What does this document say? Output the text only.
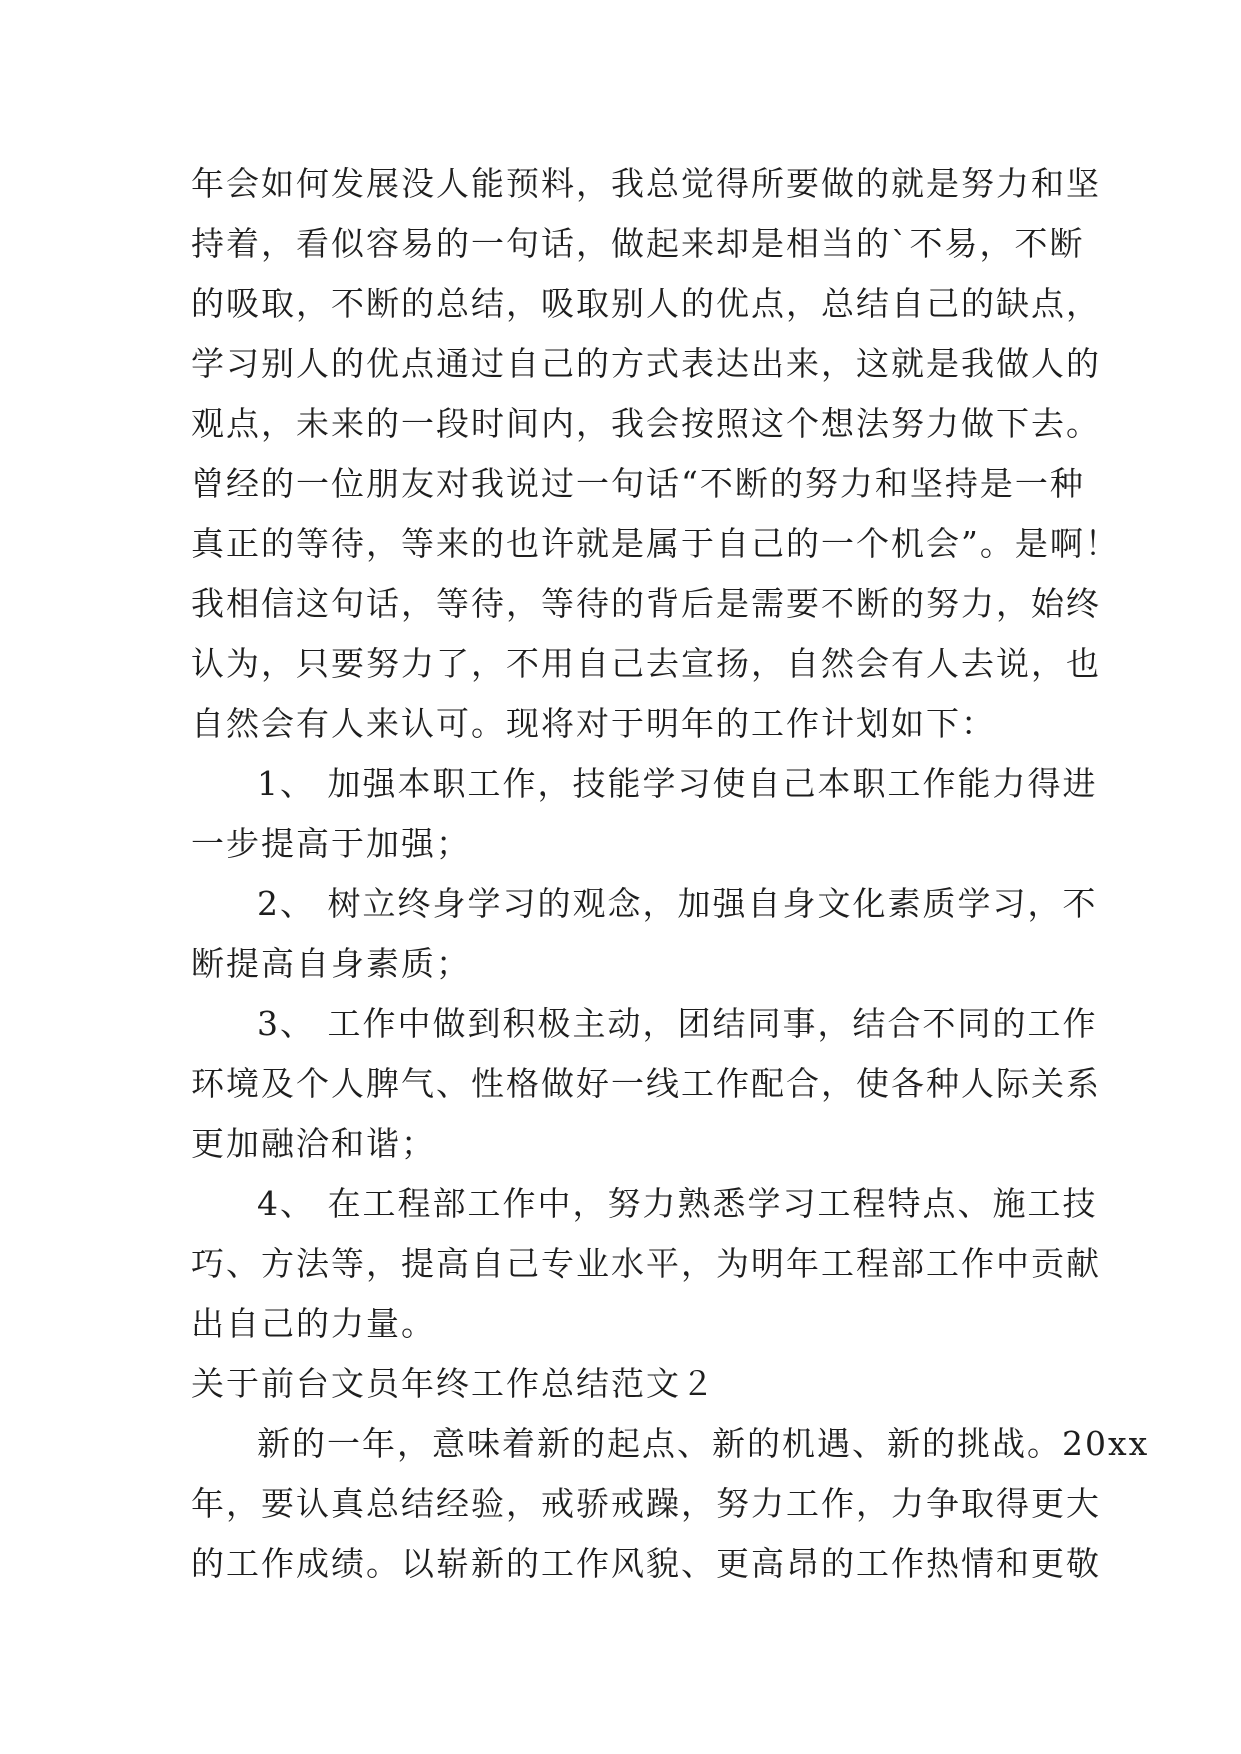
年会如何发展没人能预料，我总觉得所要做的就是努力和坚
持着，看似容易的一句话，做起来却是相当的`不易，不断
的吸取，不断的总结，吸取别人的优点，总结自己的缺点，
学习别人的优点通过自己的方式表达出来，这就是我做人的
观点，未来的一段时间内，我会按照这个想法努力做下去。
曾经的一位朋友对我说过一句话“不断的努力和坚持是一种
真正的等待，等来的也许就是属于自己的一个机会”。是啊！
我相信这句话，等待，等待的背后是需要不断的努力，始终
认为，只要努力了，不用自己去宣扬，自然会有人去说，也
自然会有人来认可。现将对于明年的工作计划如下：
1、 加强本职工作，技能学习使自己本职工作能力得进
一步提高于加强；
2、 树立终身学习的观念，加强自身文化素质学习，不
断提高自身素质；
3、 工作中做到积极主动，团结同事，结合不同的工作
环境及个人脾气、性格做好一线工作配合，使各种人际关系
更加融洽和谐；
4、 在工程部工作中，努力熟悉学习工程特点、施工技
巧、方法等，提高自己专业水平，为明年工程部工作中贡献
出自己的力量。
关于前台文员年终工作总结范文２
新的一年，意味着新的起点、新的机遇、新的挑战。20xx
年，要认真总结经验，戒骄戒躁，努力工作，力争取得更大
的工作成绩。以崭新的工作风貌、更高昂的工作热情和更敬
